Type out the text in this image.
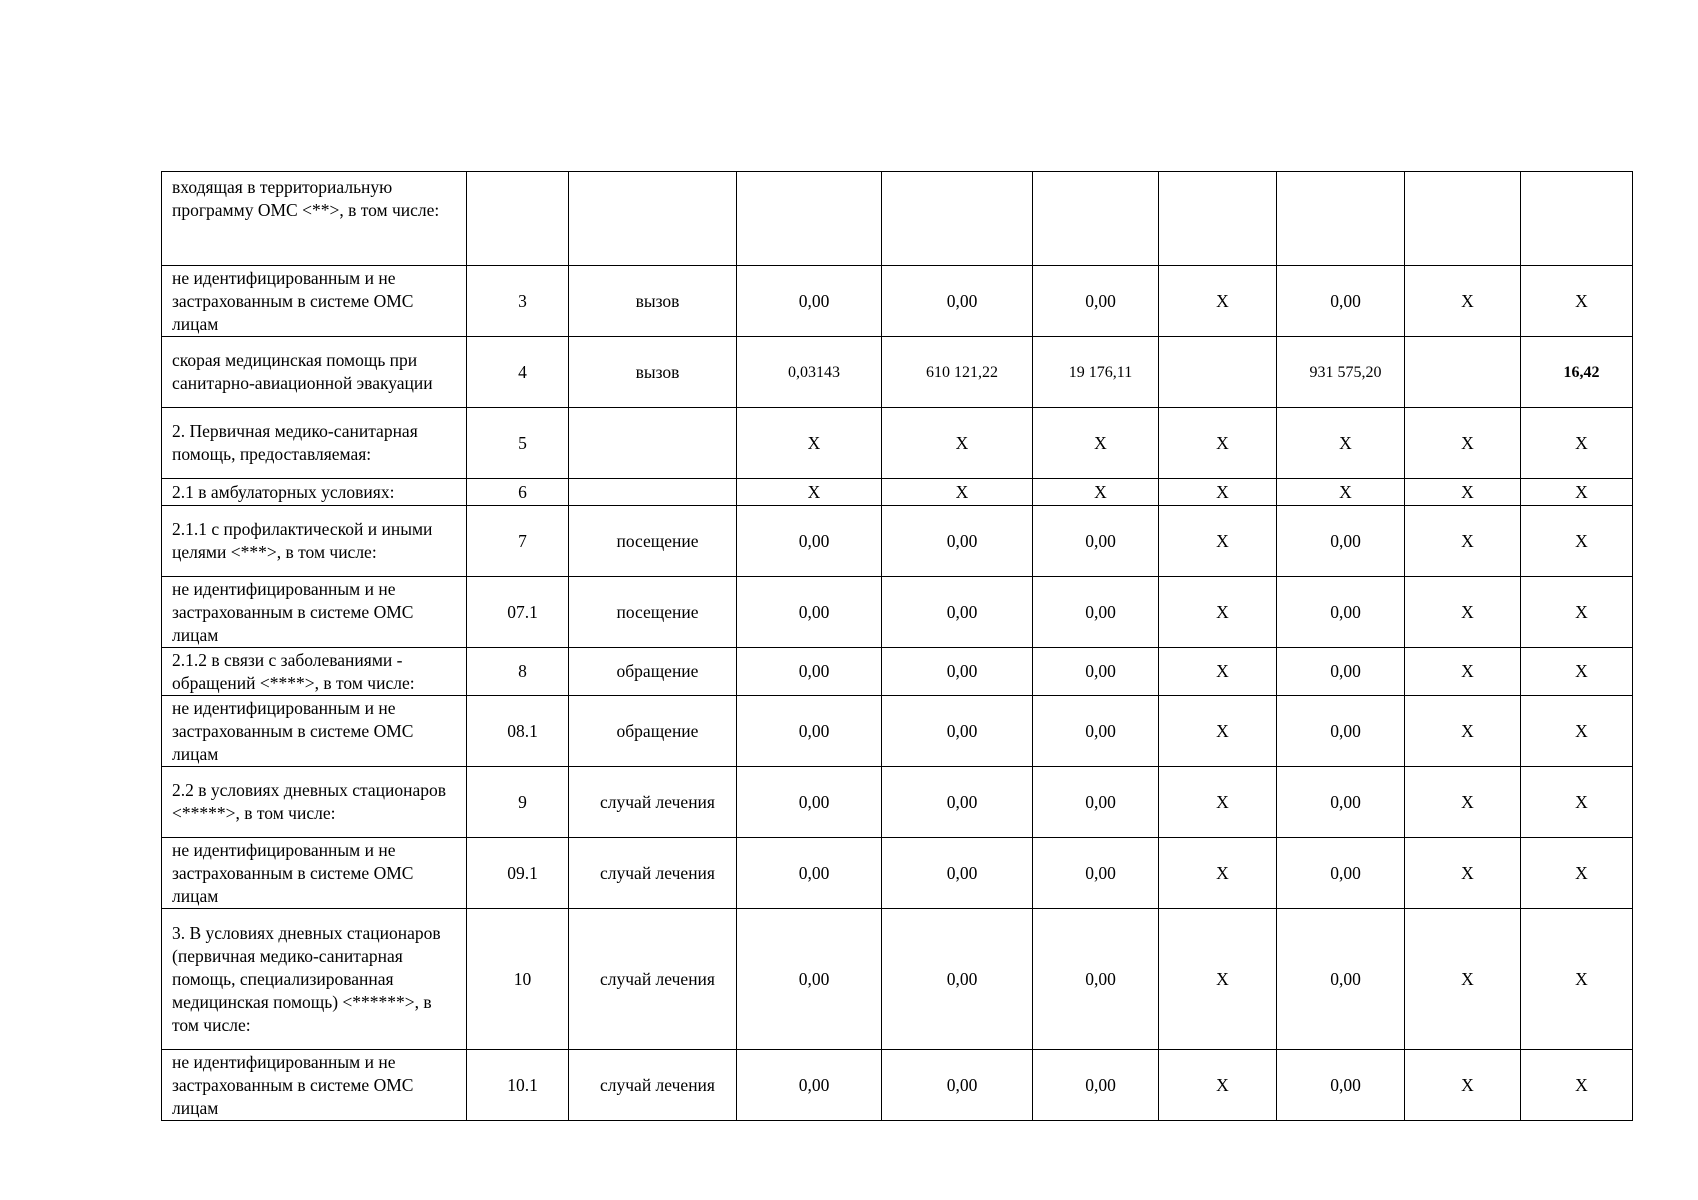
входящая в территориальную программу ОМС <**>, в том числе:									
не идентифицированным и не застрахованным в системе ОМС лицам	3	вызов	0,00	0,00	0,00	X	0,00	X	X
скорая медицинская помощь при санитарно-авиационной эвакуации	4	вызов	0,03143	610 121,22	19 176,11		931 575,20		16,42
2. Первичная медико-санитарная помощь, предоставляемая:	5		X	X	X	X	X	X	X
2.1 в амбулаторных условиях:	6		X	X	X	X	X	X	X
2.1.1 с профилактической и иными целями <***>, в том числе:	7	посещение	0,00	0,00	0,00	X	0,00	X	X
не идентифицированным и не застрахованным в системе ОМС лицам	07.1	посещение	0,00	0,00	0,00	X	0,00	X	X
2.1.2 в связи с заболеваниями - обращений <****>, в том числе:	8	обращение	0,00	0,00	0,00	X	0,00	X	X
не идентифицированным и не застрахованным в системе ОМС лицам	08.1	обращение	0,00	0,00	0,00	X	0,00	X	X
2.2 в условиях дневных стационаров <*****>, в том числе:	9	случай лечения	0,00	0,00	0,00	X	0,00	X	X
не идентифицированным и не застрахованным в системе ОМС лицам	09.1	случай лечения	0,00	0,00	0,00	X	0,00	X	X
3. В условиях дневных стационаров (первичная медико-санитарная помощь, специализированная медицинская помощь) <******>, в том числе:	10	случай лечения	0,00	0,00	0,00	X	0,00	X	X
не идентифицированным и не застрахованным в системе ОМС лицам	10.1	случай лечения	0,00	0,00	0,00	X	0,00	X	X
